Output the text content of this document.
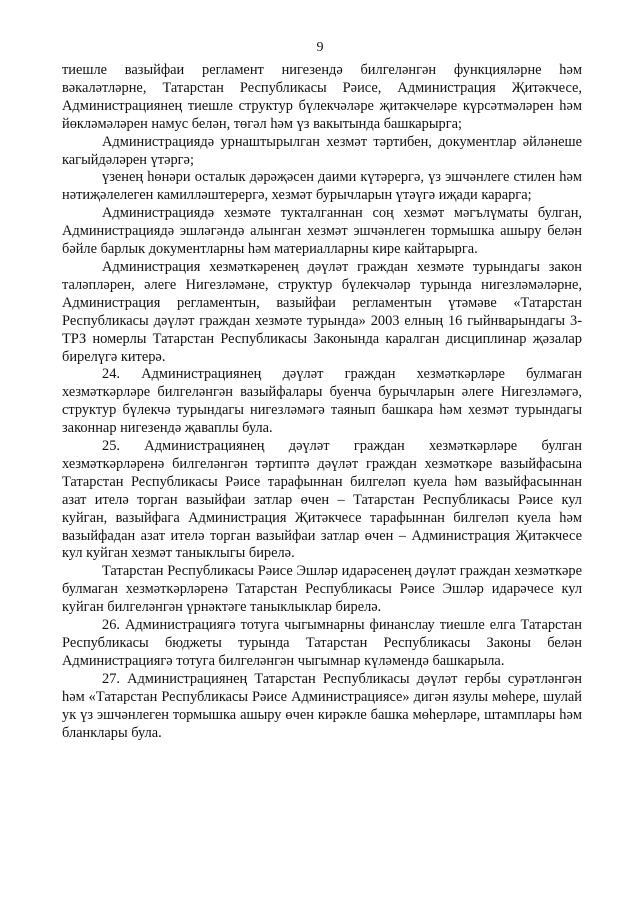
9

тиешле вазыйфаи регламент нигезендә билгеләнгән функцияләрне һәм вәкаләтләрне, Татарстан Республикасы Рәисе, Администрация Җитәкчесе, Администрациянең тиешле структур бүлекчәләре җитәкчеләре күрсәтмәләрен һәм йөкләмәләрен намус белән, төгәл һәм үз вакытында башкарырга;

Администрациядә урнаштырылган хезмәт тәртибен, документлар әйләнеше кагыйдәләрен үтәргә;

үзенең һөнәри осталык дәрәҗәсен даими күтәрергә, үз эшчәнлеге стилен һәм нәтиҗәлелеген камилләштерергә, хезмәт бурычларын үтәүгә иҗади карарга;

Администрациядә хезмәте тукталганнан соң хезмәт мәгълүматы булган, Администрациядә эшләгәндә алынган хезмәт эшчәнлеген тормышка ашыру белән бәйле барлык документларны һәм материалларны кире кайтарырга.

Администрация хезмәткәренең дәүләт граждан хезмәте турындагы закон таләпләрен, әлеге Нигезләмәне, структур бүлекчәләр турында нигезләмәләрне, Администрация регламентын, вазыйфаи регламентын үтәмәве «Татарстан Республикасы дәүләт граждан хезмәте турында» 2003 елның 16 гыйнварындагы 3-ТРЗ номерлы Татарстан Республикасы Законында каралган дисциплинар җәзалар бирелүгә китерә.

24. Администрациянең дәүләт граждан хезмәткәрләре булмаган хезмәткәрләре билгеләнгән вазыйфалары буенча бурычларын әлеге Нигезләмәгә, структур бүлекчә турындагы нигезләмәгә таянып башкара һәм хезмәт турындагы законнар нигезендә җаваплы була.

25. Администрациянең дәүләт граждан хезмәткәрләре булган хезмәткәрләренә билгеләнгән тәртиптә дәүләт граждан хезмәткәре вазыйфасына Татарстан Республикасы Рәисе тарафыннан билгеләп куела һәм вазыйфасыннан азат ителә торган вазыйфаи затлар өчен – Татарстан Республикасы Рәисе кул куйган, вазыйфага Администрация Җитәкчесе тарафыннан билгеләп куела һәм вазыйфадан азат ителә торган вазыйфаи затлар өчен – Администрация Җитәкчесе кул куйган хезмәт таныклыгы бирелә.

Татарстан Республикасы Рәисе Эшләр идарәсенең дәүләт граждан хезмәткәре булмаган хезмәткәрләренә Татарстан Республикасы Рәисе Эшләр идарәчесе кул куйган билгеләнгән үрнәктәге таныклыклар бирелә.

26. Администрациягә тотуга чыгымнарны финанслау тиешле елга Татарстан Республикасы бюджеты турында Татарстан Республикасы Законы белән Администрациягә тотуга билгеләнгән чыгымнар күләмендә башкарыла.

27. Администрациянең Татарстан Республикасы дәүләт гербы сурәтләнгән һәм «Татарстан Республикасы Рәисе Администрациясе» дигән язулы мөһере, шулай ук үз эшчәнлеген тормышка ашыру өчен кирәкле башка мөһерләре, штамплары һәм бланклары була.
